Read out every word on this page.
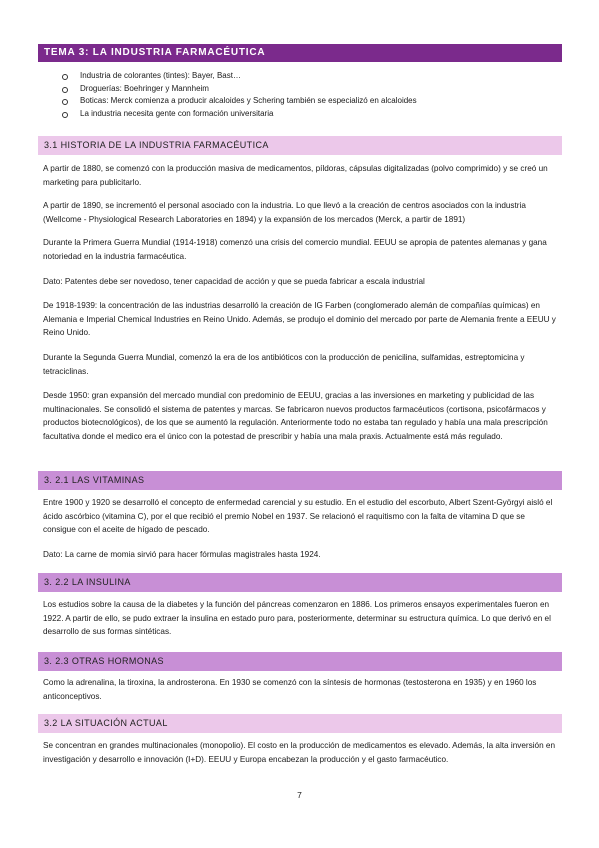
TEMA 3: LA INDUSTRIA FARMACÉUTICA
Industria de colorantes (tintes): Bayer, Bast…
Droguerías: Boehringer y Mannheim
Boticas: Merck comienza a producir alcaloides y Schering también se especializó en alcaloides
La industria necesita gente con formación universitaria
3.1 HISTORIA DE LA INDUSTRIA FARMACÉUTICA

A partir de 1880, se comenzó con la producción masiva de medicamentos, píldoras, cápsulas digitalizadas (polvo comprimido) y se creó un marketing para publicitarlo.

A partir de 1890, se incrementó el personal asociado con la industria. Lo que llevó a la creación de centros asociados con la industria (Wellcome - Physiological Research Laboratories en 1894) y la expansión de los mercados (Merck, a partir de 1891)

Durante la Primera Guerra Mundial (1914-1918) comenzó una crisis del comercio mundial. EEUU se apropia de patentes alemanas y gana notoriedad en la industria farmacéutica.

Dato: Patentes debe ser novedoso, tener capacidad de acción y que se pueda fabricar a escala industrial

De 1918-1939: la concentración de las industrias desarrolló la creación de IG Farben (conglomerado alemán de compañías químicas) en Alemania e Imperial Chemical Industries en Reino Unido. Además, se produjo el dominio del mercado por parte de Alemania frente a EEUU y Reino Unido.

Durante la Segunda Guerra Mundial, comenzó la era de los antibióticos con la producción de penicilina, sulfamidas, estreptomicina y tetraciclinas.

Desde 1950: gran expansión del mercado mundial con predominio de EEUU, gracias a las inversiones en marketing y publicidad de las multinacionales. Se consolidó el sistema de patentes y marcas. Se fabricaron nuevos productos farmacéuticos (cortisona, psicofármacos y productos biotecnológicos), de los que se aumentó la regulación. Anteriormente todo no estaba tan regulado y había una mala prescripción facultativa donde el medico era el único con la potestad de prescribir y había una mala praxis. Actualmente está más regulado.

3. 2.1 LAS VITAMINAS

Entre 1900 y 1920 se desarrolló el concepto de enfermedad carencial y su estudio. En el estudio del escorbuto, Albert Szent-Györgyi aisló el ácido ascórbico (vitamina C), por el que recibió el premio Nobel en 1937. Se relacionó el raquitismo con la falta de vitamina D que se consigue con el aceite de hígado de pescado.

Dato: La carne de momia sirvió para hacer fórmulas magistrales hasta 1924.

3. 2.2 LA INSULINA

Los estudios sobre la causa de la diabetes y la función del páncreas comenzaron en 1886. Los primeros ensayos experimentales fueron en 1922. A partir de ello, se pudo extraer la insulina en estado puro para, posteriormente, determinar su estructura química. Lo que derivó en el desarrollo de sus formas sintéticas.

3. 2.3 OTRAS HORMONAS

Como la adrenalina, la tiroxina, la androsterona. En 1930 se comenzó con la síntesis de hormonas (testosterona en 1935) y en 1960 los anticonceptivos.

3.2 LA SITUACIÓN ACTUAL

Se concentran en grandes multinacionales (monopolio). El costo en la producción de medicamentos es elevado. Además, la alta inversión en investigación y desarrollo e innovación (I+D). EEUU y Europa encabezan la producción y el gasto farmacéutico.

7
